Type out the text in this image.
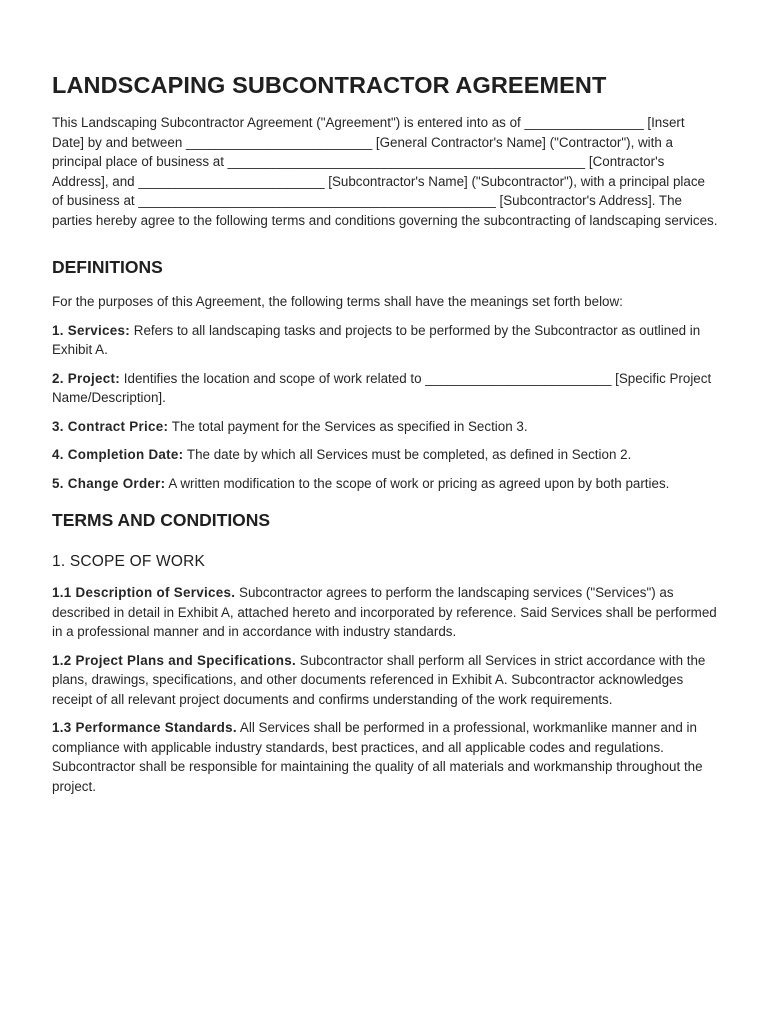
LANDSCAPING SUBCONTRACTOR AGREEMENT

This Landscaping Subcontractor Agreement ("Agreement") is entered into as of ________________ [Insert Date] by and between _________________________ [General Contractor's Name] ("Contractor"), with a principal place of business at ________________________________________________ [Contractor's Address], and _________________________ [Subcontractor's Name] ("Subcontractor"), with a principal place of business at ________________________________________________ [Subcontractor's Address]. The parties hereby agree to the following terms and conditions governing the subcontracting of landscaping services.

DEFINITIONS

For the purposes of this Agreement, the following terms shall have the meanings set forth below:

1. Services: Refers to all landscaping tasks and projects to be performed by the Subcontractor as outlined in Exhibit A.

2. Project: Identifies the location and scope of work related to _________________________ [Specific Project Name/Description].

3. Contract Price: The total payment for the Services as specified in Section 3.

4. Completion Date: The date by which all Services must be completed, as defined in Section 2.

5. Change Order: A written modification to the scope of work or pricing as agreed upon by both parties.

TERMS AND CONDITIONS
1. SCOPE OF WORK

1.1 Description of Services. Subcontractor agrees to perform the landscaping services ("Services") as described in detail in Exhibit A, attached hereto and incorporated by reference. Said Services shall be performed in a professional manner and in accordance with industry standards.

1.2 Project Plans and Specifications. Subcontractor shall perform all Services in strict accordance with the plans, drawings, specifications, and other documents referenced in Exhibit A. Subcontractor acknowledges receipt of all relevant project documents and confirms understanding of the work requirements.

1.3 Performance Standards. All Services shall be performed in a professional, workmanlike manner and in compliance with applicable industry standards, best practices, and all applicable codes and regulations. Subcontractor shall be responsible for maintaining the quality of all materials and workmanship throughout the project.
